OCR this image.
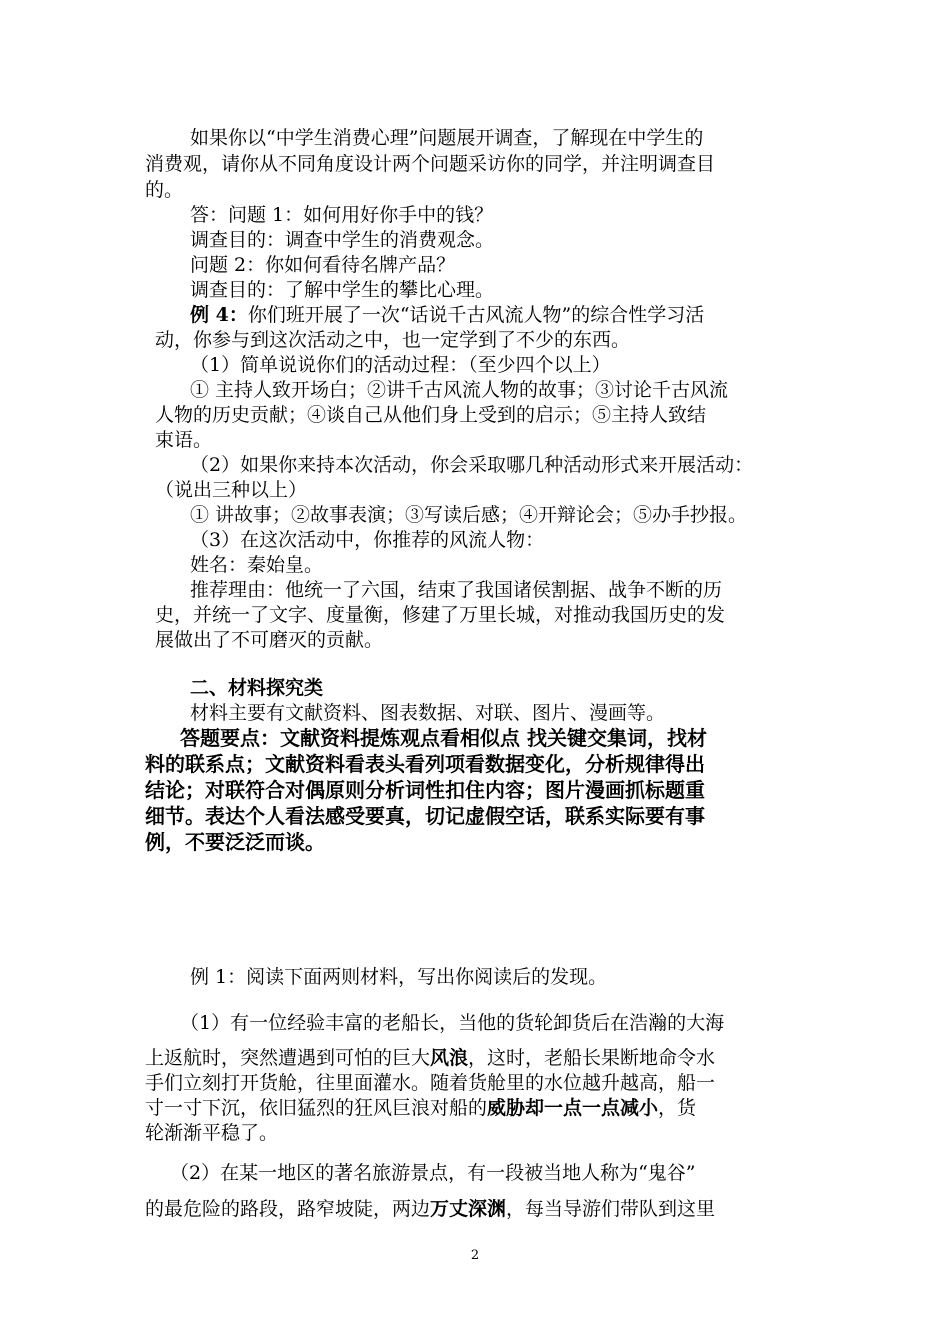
如果你以“中学生消费心理”问题展开调查，了解现在中学生的
消费观，请你从不同角度设计两个问题采访你的同学，并注明调查目
的。
答：问题 1：如何用好你手中的钱？
调查目的：调查中学生的消费观念。
问题 2：你如何看待名牌产品？
调查目的：了解中学生的攀比心理。
例 4：你们班开展了一次“话说千古风流人物”的综合性学习活
动，你参与到这次活动之中，也一定学到了不少的东西。
（1）简单说说你们的活动过程：（至少四个以上）
① 主持人致开场白；②讲千古风流人物的故事；③讨论千古风流
人物的历史贡献；④谈自己从他们身上受到的启示；⑤主持人致结
束语。
（2）如果你来持本次活动，你会采取哪几种活动形式来开展活动：
（说出三种以上）
① 讲故事；②故事表演；③写读后感；④开辩论会；⑤办手抄报。
（3）在这次活动中，你推荐的风流人物：
姓名：秦始皇。
推荐理由：他统一了六国，结束了我国诸侯割据、战争不断的历
史，并统一了文字、度量衡，修建了万里长城，对推动我国历史的发
展做出了不可磨灭的贡献。
二、材料探究类
材料主要有文献资料、图表数据、对联、图片、漫画等。
答题要点：文献资料提炼观点看相似点 找关键交集词，找材
料的联系点；文献资料看表头看列项看数据变化，分析规律得出
结论；对联符合对偶原则分析词性扣住内容；图片漫画抓标题重
细节。表达个人看法感受要真，切记虚假空话，联系实际要有事
例，不要泛泛而谈。
例 1：阅读下面两则材料，写出你阅读后的发现。
（1）有一位经验丰富的老船长，当他的货轮卸货后在浩瀚的大海
上返航时，突然遭遇到可怕的巨大风浪，这时，老船长果断地命令水
手们立刻打开货舱，往里面灌水。随着货舱里的水位越升越高，船一
寸一寸下沉，依旧猛烈的狂风巨浪对船的威胁却一点一点减小，货
轮渐渐平稳了。
（2）在某一地区的著名旅游景点，有一段被当地人称为“鬼谷”
的最危险的路段，路窄坡陡，两边万丈深渊，每当导游们带队到这里
2
